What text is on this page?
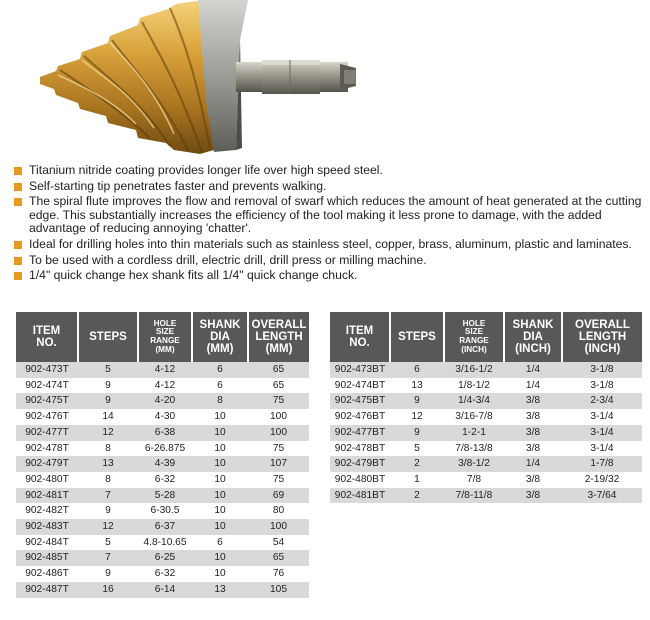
Titanium nitride coating provides longer life over high speed steel.
Self-starting tip penetrates faster and prevents walking.
The spiral flute improves the flow and removal of swarf which reduces the amount of heat generated at the cutting edge. This substantially increases the efficiency of the tool making it less prone to damage, with the added advantage of reducing annoying 'chatter'.
Ideal for drilling holes into thin materials such as stainless steel, copper, brass, aluminum, plastic and laminates.
To be used with a cordless drill, electric drill, drill press or milling machine.
1/4" quick change hex shank fits all 1/4" quick change chuck.
ITEM
NO.	STEPS	HOLE
SIZE
RANGE
(MM)	SHANK
DIA
(MM)	OVERALL
LENGTH
(MM)
902-473T	5	4-12	6	65
902-474T	9	4-12	6	65
902-475T	9	4-20	8	75
902-476T	14	4-30	10	100
902-477T	12	6-38	10	100
902-478T	8	6-26.875	10	75
902-479T	13	4-39	10	107
902-480T	8	6-32	10	75
902-481T	7	5-28	10	69
902-482T	9	6-30.5	10	80
902-483T	12	6-37	10	100
902-484T	5	4.8-10.65	6	54
902-485T	7	6-25	10	65
902-486T	9	6-32	10	76
902-487T	16	6-14	13	105
ITEM
NO.	STEPS	HOLE
SIZE
RANGE
(INCH)	SHANK
DIA
(INCH)	OVERALL
LENGTH
(INCH)
902-473BT	6	3/16-1/2	1/4	3-1/8
902-474BT	13	1/8-1/2	1/4	3-1/8
902-475BT	9	1/4-3/4	3/8	2-3/4
902-476BT	12	3/16-7/8	3/8	3-1/4
902-477BT	9	1-2-1	3/8	3-1/4
902-478BT	5	7/8-13/8	3/8	3-1/4
902-479BT	2	3/8-1/2	1/4	1-7/8
902-480BT	1	7/8	3/8	2-19/32
902-481BT	2	7/8-11/8	3/8	3-7/64
